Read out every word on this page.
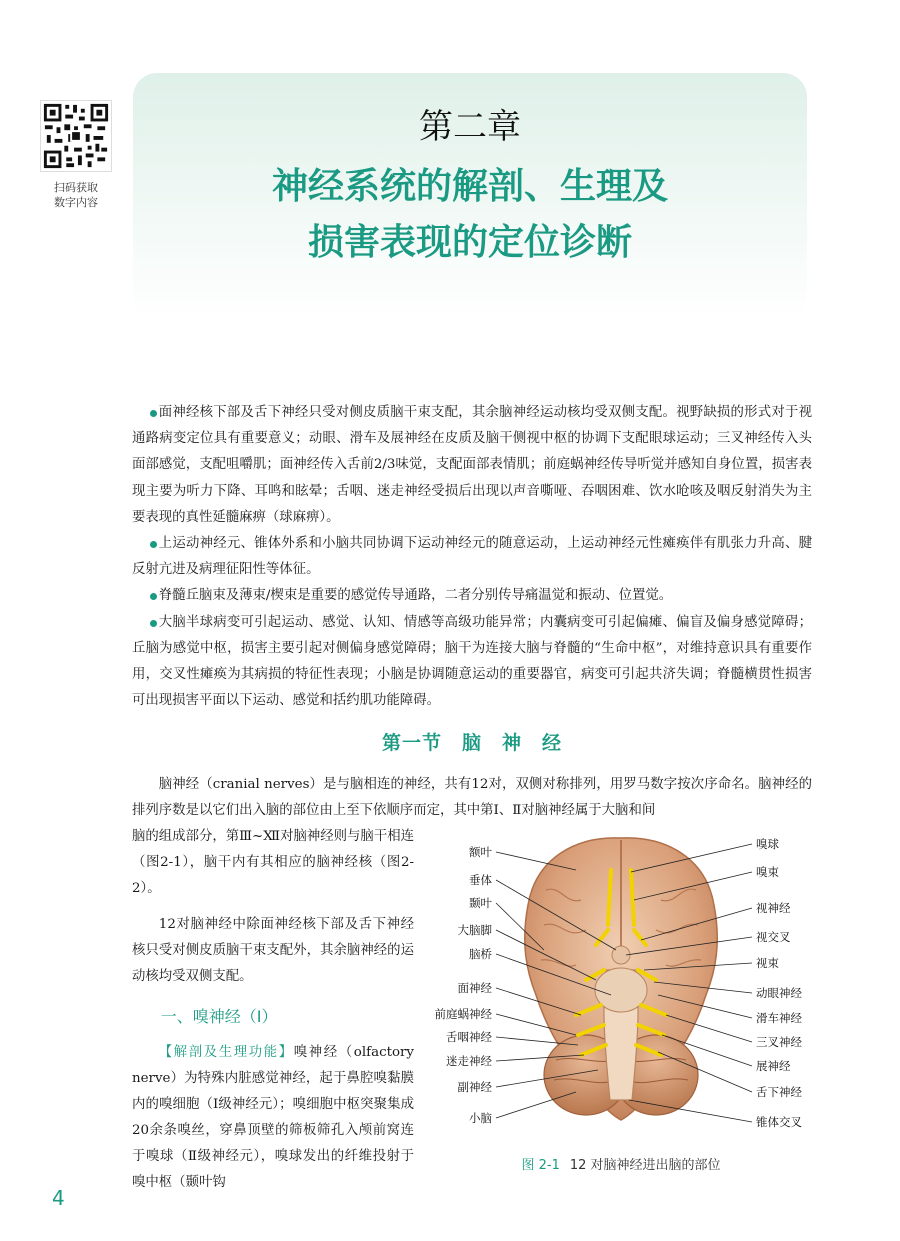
扫码获取
数字内容
第二章
神经系统的解剖、生理及
损害表现的定位诊断

面神经核下部及舌下神经只受对侧皮质脑干束支配，其余脑神经运动核均受双侧支配。视野缺损的形式对于视通路病变定位具有重要意义；动眼、滑车及展神经在皮质及脑干侧视中枢的协调下支配眼球运动；三叉神经传入头面部感觉，支配咀嚼肌；面神经传入舌前2/3味觉，支配面部表情肌；前庭蜗神经传导听觉并感知自身位置，损害表现主要为听力下降、耳鸣和眩晕；舌咽、迷走神经受损后出现以声音嘶哑、吞咽困难、饮水呛咳及咽反射消失为主要表现的真性延髓麻痹（球麻痹）。

上运动神经元、锥体外系和小脑共同协调下运动神经元的随意运动，上运动神经元性瘫痪伴有肌张力升高、腱反射亢进及病理征阳性等体征。

脊髓丘脑束及薄束/楔束是重要的感觉传导通路，二者分别传导痛温觉和振动、位置觉。

大脑半球病变可引起运动、感觉、认知、情感等高级功能异常；内囊病变可引起偏瘫、偏盲及偏身感觉障碍；丘脑为感觉中枢，损害主要引起对侧偏身感觉障碍；脑干为连接大脑与脊髓的“生命中枢”，对维持意识具有重要作用，交叉性瘫痪为其病损的特征性表现；小脑是协调随意运动的重要器官，病变可引起共济失调；脊髓横贯性损害可出现损害平面以下运动、感觉和括约肌功能障碍。

第一节　脑　神　经

脑神经（cranial nerves）是与脑相连的神经，共有12对，双侧对称排列，用罗马数字按次序命名。脑神经的排列序数是以它们出入脑的部位由上至下依顺序而定，其中第Ⅰ、Ⅱ对脑神经属于大脑和间

脑的组成部分，第Ⅲ~Ⅻ对脑神经则与脑干相连（图2-1），脑干内有其相应的脑神经核（图2-2）。

12对脑神经中除面神经核下部及舌下神经核只受对侧皮质脑干束支配外，其余脑神经的运动核均受双侧支配。

一、嗅神经（Ⅰ）

【解剖及生理功能】嗅神经（olfactory nerve）为特殊内脏感觉神经，起于鼻腔嗅黏膜内的嗅细胞（Ⅰ级神经元）；嗅细胞中枢突聚集成20余条嗅丝，穿鼻顶壁的筛板筛孔入颅前窝连于嗅球（Ⅱ级神经元），嗅球发出的纤维投射于嗅中枢（颞叶钩

额叶
垂体
颞叶
大脑脚
脑桥
面神经
前庭蜗神经
舌咽神经
迷走神经
副神经
小脑
嗅球
嗅束
视神经
视交叉
视束
动眼神经
滑车神经
三叉神经
展神经
舌下神经
锥体交叉
图 2-1 12 对脑神经进出脑的部位
4
